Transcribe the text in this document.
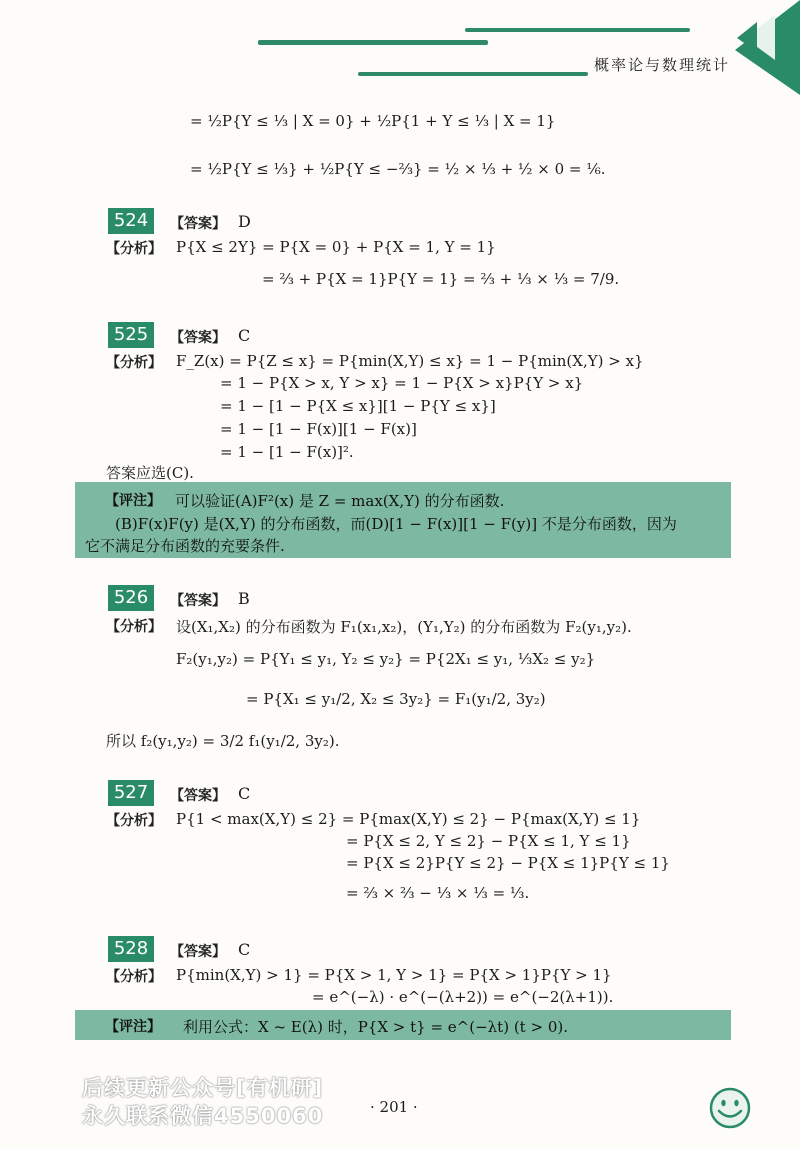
概率论与数理统计
= ½P{Y ≤ ⅓ | X = 0} + ½P{1 + Y ≤ ⅓ | X = 1}
= ½P{Y ≤ ⅓} + ½P{Y ≤ −⅔} = ½ × ⅓ + ½ × 0 = ⅙.
524	【答案】 D
【分析】 P{X ≤ 2Y} = P{X = 0} + P{X = 1, Y = 1}
= ⅔ + P{X = 1}P{Y = 1} = ⅔ + ⅓ × ⅓ = 7/9.
525	【答案】 C
【分析】 F_Z(x) = P{Z ≤ x} = P{min(X,Y) ≤ x} = 1 − P{min(X,Y) > x}
= 1 − P{X > x, Y > x} = 1 − P{X > x}P{Y > x}
= 1 − [1 − P{X ≤ x}][1 − P{Y ≤ x}]
= 1 − [1 − F(x)][1 − F(x)]
= 1 − [1 − F(x)]².
答案应选(C).
【评注】 可以验证(A)F²(x) 是 Z = max(X,Y) 的分布函数.
(B)F(x)F(y) 是(X,Y) 的分布函数，而(D)[1 − F(x)][1 − F(y)] 不是分布函数，因为
它不满足分布函数的充要条件.
526	【答案】 B
【分析】 设(X₁,X₂) 的分布函数为 F₁(x₁,x₂)，(Y₁,Y₂) 的分布函数为 F₂(y₁,y₂).
F₂(y₁,y₂) = P{Y₁ ≤ y₁, Y₂ ≤ y₂} = P{2X₁ ≤ y₁, ⅓X₂ ≤ y₂}
= P{X₁ ≤ y₁/2, X₂ ≤ 3y₂} = F₁(y₁/2, 3y₂)
所以 f₂(y₁,y₂) = 3/2 f₁(y₁/2, 3y₂).
527	【答案】 C
【分析】 P{1 < max(X,Y) ≤ 2} = P{max(X,Y) ≤ 2} − P{max(X,Y) ≤ 1}
= P{X ≤ 2, Y ≤ 2} − P{X ≤ 1, Y ≤ 1}
= P{X ≤ 2}P{Y ≤ 2} − P{X ≤ 1}P{Y ≤ 1}
= ⅔ × ⅔ − ⅓ × ⅓ = ⅓.
528	【答案】 C
【分析】 P{min(X,Y) > 1} = P{X > 1, Y > 1} = P{X > 1}P{Y > 1}
= e^(−λ) · e^(−(λ+2)) = e^(−2(λ+1)).
【评注】 利用公式：X ~ E(λ) 时，P{X > t} = e^(−λt) (t > 0).
后续更新公众号[有机研]
永久联系微信4550060	· 201 ·
